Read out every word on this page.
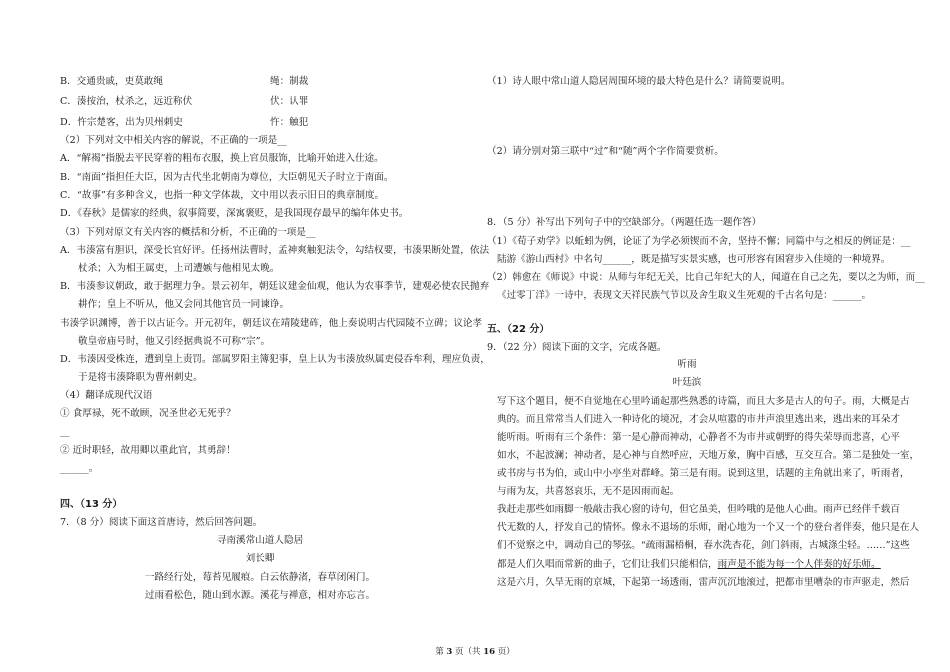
B．交通贵戚，吏莫敢绳	绳：制裁
C．湊按治，杖杀之，远近称伏	伏：认罪
D．忤宗楚客，出为贝州刺史	忤：触犯
（2）下列对文中相关内容的解说，不正确的一项是__
A．“解褐”指脱去平民穿着的粗布衣服，换上官员服饰，比喻开始进入仕途。
B．“南面”指担任大臣，因为古代坐北朝南为尊位，大臣朝见天子时立于南面。
C．“故事”有多种含义，也指一种文学体裁，文中用以表示旧日的典章制度。
D．《春秋》是儒家的经典，叙事简要，深寓褒贬，是我国现存最早的编年体史书。
（3）下列对原文有关内容的概括和分析，不正确的一项是__
A．韦湊富有胆识，深受长官好评。任扬州法曹时，孟神爽触犯法令，勾结权要，韦湊果断处置，依法
杖杀；入为相王属吏，上司遭嫉与他相见太晚。
B．韦湊参议朝政，敢于据理力争。景云初年，朝廷议建金仙观，他认为农事季节，建观必使农民抛弃
耕作；皇上不听从，他又会同其他官员一同谏诤。
韦湊学识渊博，善于以古证今。开元初年，朝廷议在靖陵建砗，他上奏说明古代园陵不立碑；议论孝
敬皇帝庙号时，他又引经据典说不可称“宗”。
D．韦湊因受株连，遭到皇上责罚。部属罗阳主簿犯事，皇上认为韦湊放纵属吏侵吞牟利，理应负责，
于是将韦湊降职为曹州刺史。
（4）翻译成现代汉语
① 食厚禄，死不敢顾，况圣世必无死乎？
__
② 近时职轻，故用卿以重此官，其勇辞！
______。
四、（13 分）
7．（8 分）阅读下面这首唐诗，然后回答问题。
寻南溪常山道人隐居
刘长卿
一路经行处，莓苔见履痕。白云依静渚，春草闭闲门。
过雨看松色，随山到水源。溪花与禅意，相对亦忘言。
（1）诗人眼中常山道人隐居周围环境的最大特色是什么？请简要说明。
（2）请分别对第三联中“过”和“随”两个字作简要赏析。
8．（5 分）补写出下列句子中的空缺部分。（两题任选一题作答）
（1）《荀子劝学》以蚯蚓为例，论证了为学必须锲而不舍，坚持不懈；同篇中与之相反的例证是：__
陆游《游山西村》中名句______，既是描写实景实感，也可形容有困窘步入佳境的一种境界。
（2）韩愈在《师说》中说：从师与年纪无关，比自己年纪大的人，闻道在自己之先，要以之为师，而__
《过零丁洋》一诗中，表现文天祥民族气节以及舍生取义生死观的千古名句是：______。
五、（22 分）
9．（22 分）阅读下面的文字，完成各题。
听雨
叶廷滨
写下这个题目，便不自觉地在心里吟诵起那些熟悉的诗篇，而且大多是古人的句子。雨，大概是古
典的。而且常常当人们进入一种诗化的境况，才会从喧嚣的市井声浪里逃出来，逃出来的耳朵才
能听雨。听雨有三个条件：第一是心静而神动，心静者不为市井或朝野的得失荣辱而悲喜，心平
如水，不起波澜；神动者，是心神与自然呼应，天地万象，胸中百感，互交互合。第二是独处一室，
或书房与书为伯，或山中小亭坐对群峰。第三是有雨。说到这里，话题的主角就出来了，听雨者，
与雨为友，共喜怒哀乐，无不是因雨而起。
我赶走那些如雨脚一般敲击我心窗的诗句，但它虽美，但吟哦的是他人心曲。雨声已经伴千载百
代无数的人，抒发自己的情怀。像永不退场的乐师，耐心地为一个又一个的登台者伴奏，他只是在人
们不觉察之中，调动自己的琴弦。“疏雨漏梧桐，春水洗杏花，剑门斜雨，古城涤尘轻。……”这些
都是人们久唱而常新的曲子，它们让我们只能相信，雨声是不能为每一个人伴奏的好乐师。
这是六月，久旱无雨的京城，下起第一场透雨，雷声沉沉地滚过，把都市里嘈杂的市声驱走，然后
第 3 页（共 16 页）
